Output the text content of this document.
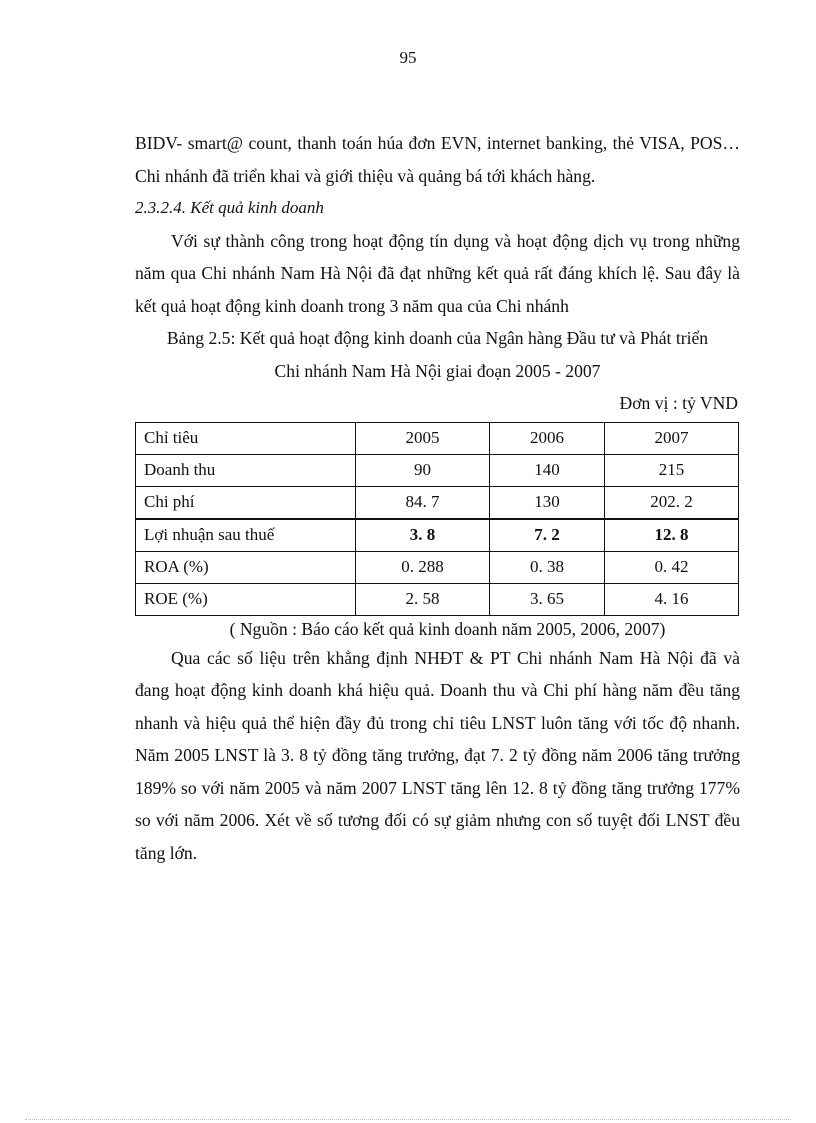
95

BIDV- smart@ count, thanh toán húa đơn EVN, internet banking, thẻ VISA, POS… Chi nhánh đã triển khai và giới thiệu và quảng bá tới khách hàng.

2.3.2.4. Kết quả kinh doanh

Với sự thành công trong hoạt động tín dụng và hoạt động dịch vụ trong những năm qua Chi nhánh Nam Hà Nội đã đạt những kết quả rất đáng khích lệ. Sau đây là kết quả hoạt động kinh doanh trong 3 năm qua của Chi nhánh

Bảng 2.5: Kết quả hoạt động kinh doanh của Ngân hàng Đầu tư và Phát triển

Chi nhánh Nam Hà Nội giai đoạn 2005 - 2007

Đơn vị : tỷ VND

Chỉ tiêu	2005	2006	2007
Doanh thu	90	140	215
Chi phí	84. 7	130	202. 2
Lợi nhuận sau thuế	3. 8	7. 2	12. 8
ROA (%)	0. 288	0. 38	0. 42
ROE (%)	2. 58	3. 65	4. 16

( Nguồn : Báo cáo kết quả kinh doanh năm 2005, 2006, 2007)

Qua các số liệu trên khẳng định NHĐT & PT Chi nhánh Nam Hà Nội đã và đang hoạt động kinh doanh khá hiệu quả. Doanh thu và Chi phí hàng năm đều tăng nhanh và hiệu quả thể hiện đầy đủ trong chỉ tiêu LNST luôn tăng với tốc độ nhanh. Năm 2005 LNST là 3. 8 tỷ đồng tăng trưởng, đạt 7. 2 tỷ đồng năm 2006 tăng trưởng 189% so với năm 2005 và năm 2007 LNST tăng lên 12. 8 tỷ đồng tăng trưởng 177% so với năm 2006. Xét về số tương đối có sự giảm nhưng con số tuyệt đối LNST đều tăng lớn.
